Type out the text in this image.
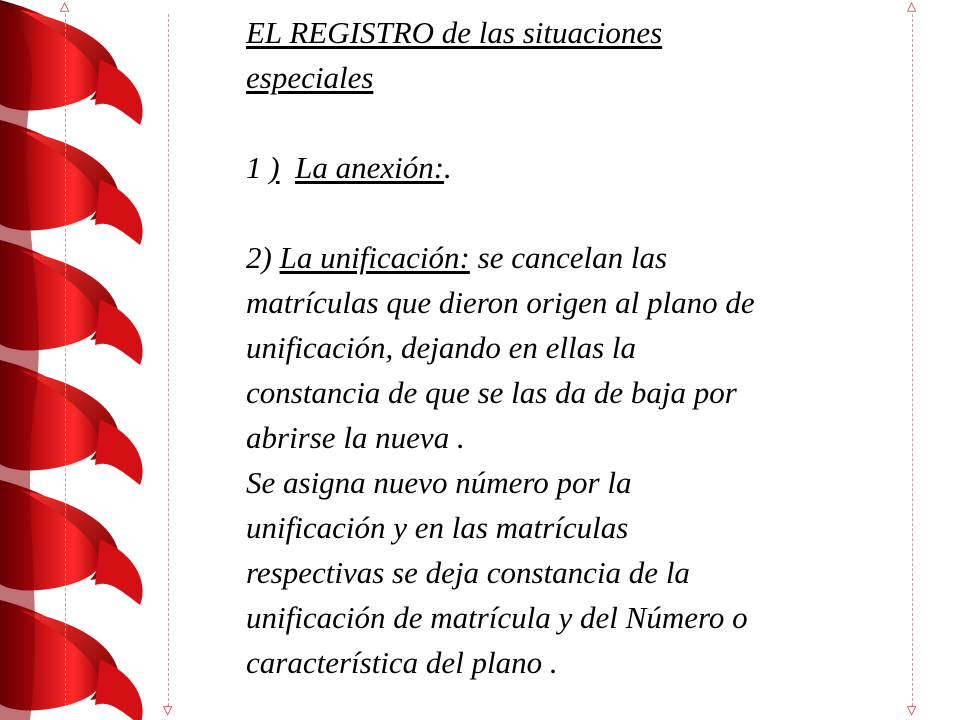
△
▽
△
▽

EL REGISTRO de las situaciones

especiales

1 ) La anexión:.

2) La unificación: se cancelan las

matrículas que dieron origen al plano de

unificación, dejando en ellas la

constancia de que se las da de baja por

abrirse la nueva .

Se asigna nuevo número por la

unificación y en las matrículas

respectivas se deja constancia de la

unificación de matrícula y del Número o

característica del plano .
